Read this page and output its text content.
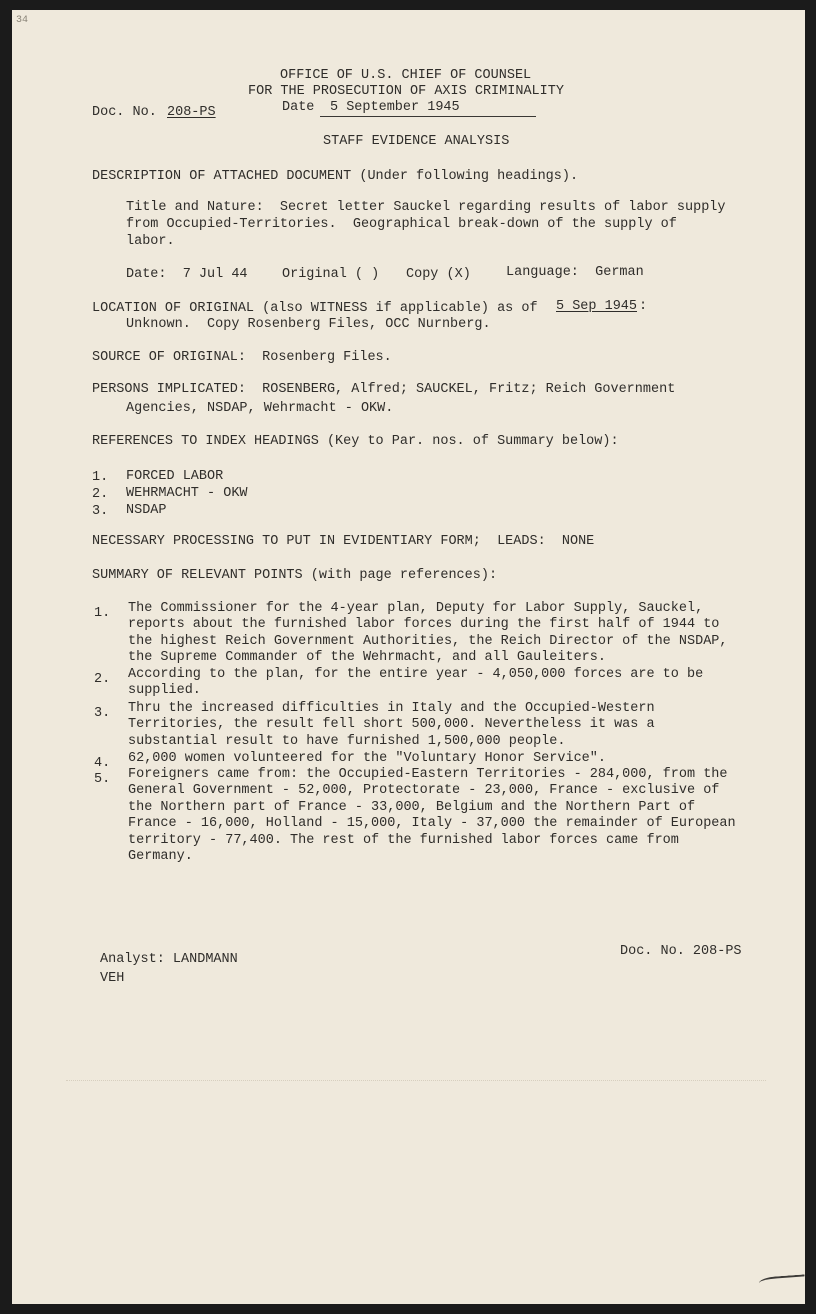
34
OFFICE OF U.S. CHIEF OF COUNSEL
FOR THE PROSECUTION OF AXIS CRIMINALITY
Doc. No. 208-PS	Date 5 September 1945
STAFF EVIDENCE ANALYSIS
DESCRIPTION OF ATTACHED DOCUMENT (Under following headings).
Title and Nature:  Secret letter Sauckel regarding results of labor supply
from Occupied-Territories.  Geographical break-down of the supply of
labor.
Date:  7 Jul 44	Original ( ) Copy (X)	Language:  German
LOCATION OF ORIGINAL (also WITNESS if applicable) as of 5 Sep 1945 :
Unknown.  Copy Rosenberg Files, OCC Nurnberg.
SOURCE OF ORIGINAL:  Rosenberg Files.
PERSONS IMPLICATED:  ROSENBERG, Alfred; SAUCKEL, Fritz; Reich Government
Agencies, NSDAP, Wehrmacht - OKW.
REFERENCES TO INDEX HEADINGS (Key to Par. nos. of Summary below):
1. FORCED LABOR
2. WEHRMACHT - OKW
3. NSDAP
NECESSARY PROCESSING TO PUT IN EVIDENTIARY FORM;  LEADS:  NONE
SUMMARY OF RELEVANT POINTS (with page references):
1. The Commissioner for the 4-year plan, Deputy for Labor Supply, Sauckel, reports about the furnished labor forces during the first half of 1944 to the highest Reich Government Authorities, the Reich Director of the NSDAP, the Supreme Commander of the Wehrmacht, and all Gauleiters.
2. According to the plan, for the entire year - 4,050,000 forces are to be supplied.
3. Thru the increased difficulties in Italy and the Occupied-Western Territories, the result fell short 500,000. Nevertheless it was a substantial result to have furnished 1,500,000 people.
4. 62,000 women volunteered for the "Voluntary Honor Service".
5. Foreigners came from: the Occupied-Eastern Territories - 284,000, from the General Government - 52,000, Protectorate - 23,000, France - exclusive of the Northern part of France - 33,000, Belgium and the Northern Part of France - 16,000, Holland - 15,000, Italy - 37,000 the remainder of European territory - 77,400. The rest of the furnished labor forces came from Germany.
Analyst: LANDMANN
VEH
Doc. No. 208-PS
